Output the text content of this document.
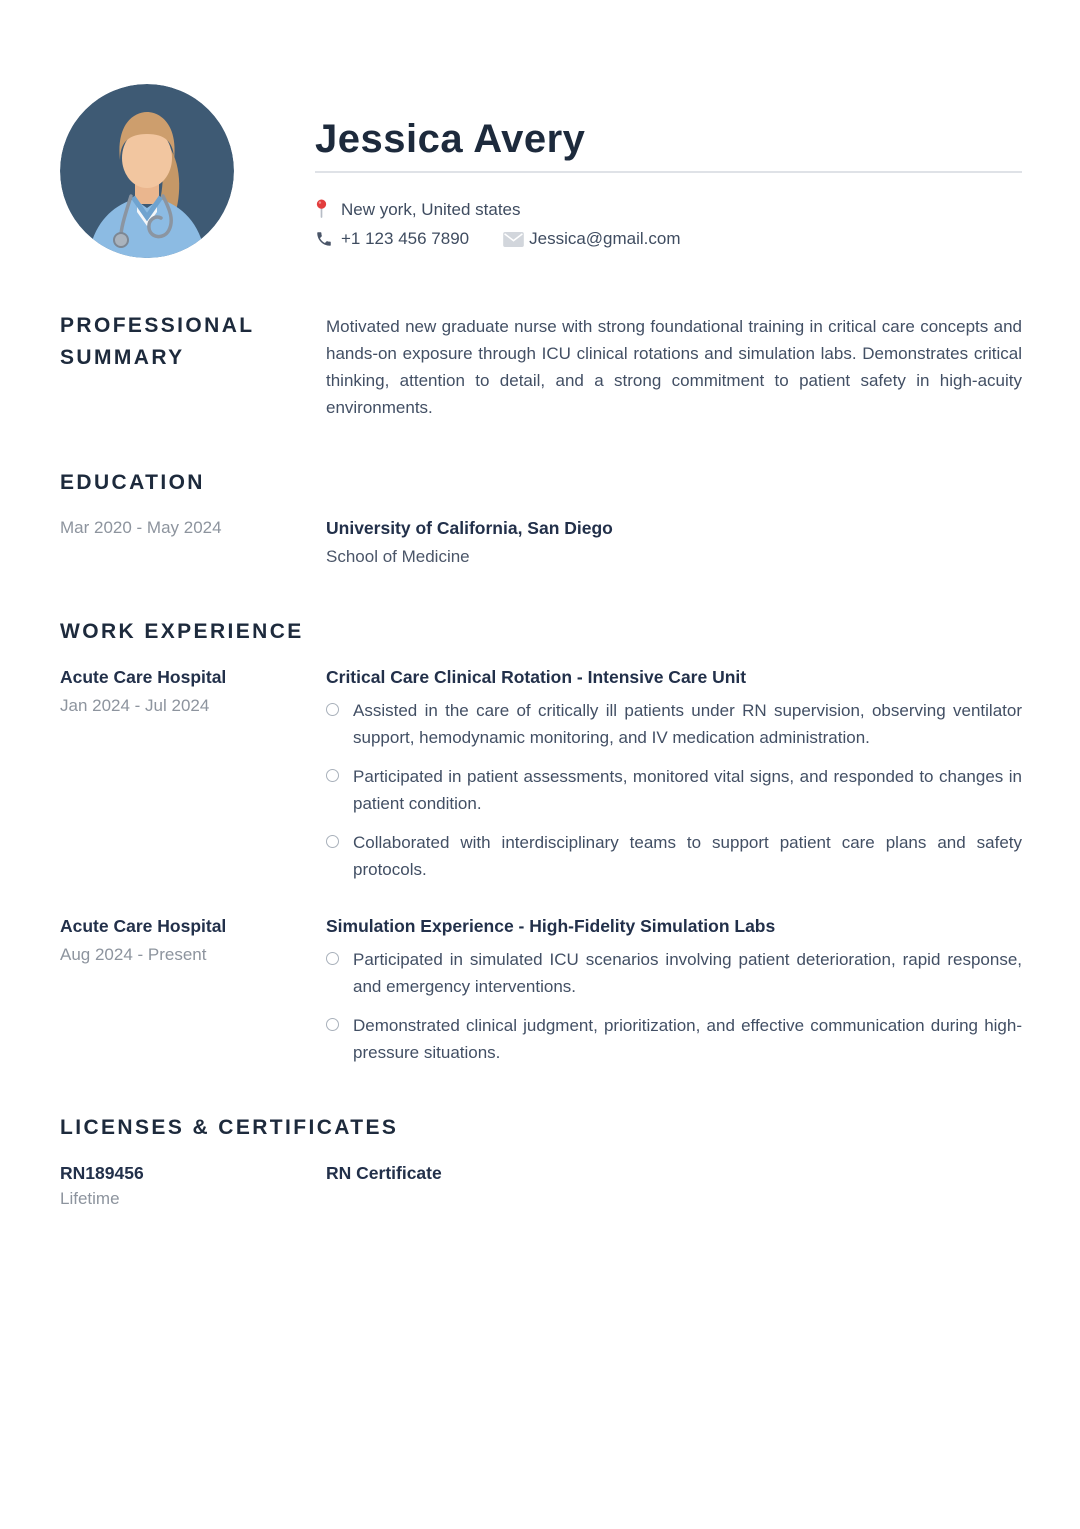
Jessica Avery
New york, United states
+1 123 456 7890	Jessica@gmail.com
PROFESSIONAL SUMMARY

Motivated new graduate nurse with strong foundational training in critical care concepts and hands-on exposure through ICU clinical rotations and simulation labs. Demonstrates critical thinking, attention to detail, and a strong commitment to patient safety in high-acuity environments.

EDUCATION
Mar 2020 - May 2024	University of California, San Diego
School of Medicine
WORK EXPERIENCE
Acute Care Hospital
Jan 2024 - Jul 2024
Critical Care Clinical Rotation - Intensive Care Unit
Assisted in the care of critically ill patients under RN supervision, observing ventilator support, hemodynamic monitoring, and IV medication administration.
Participated in patient assessments, monitored vital signs, and responded to changes in patient condition.
Collaborated with interdisciplinary teams to support patient care plans and safety protocols.
Acute Care Hospital
Aug 2024 - Present
Simulation Experience - High-Fidelity Simulation Labs
Participated in simulated ICU scenarios involving patient deterioration, rapid response, and emergency interventions.
Demonstrated clinical judgment, prioritization, and effective communication during high-pressure situations.
LICENSES & CERTIFICATES
RN189456
Lifetime
RN Certificate
